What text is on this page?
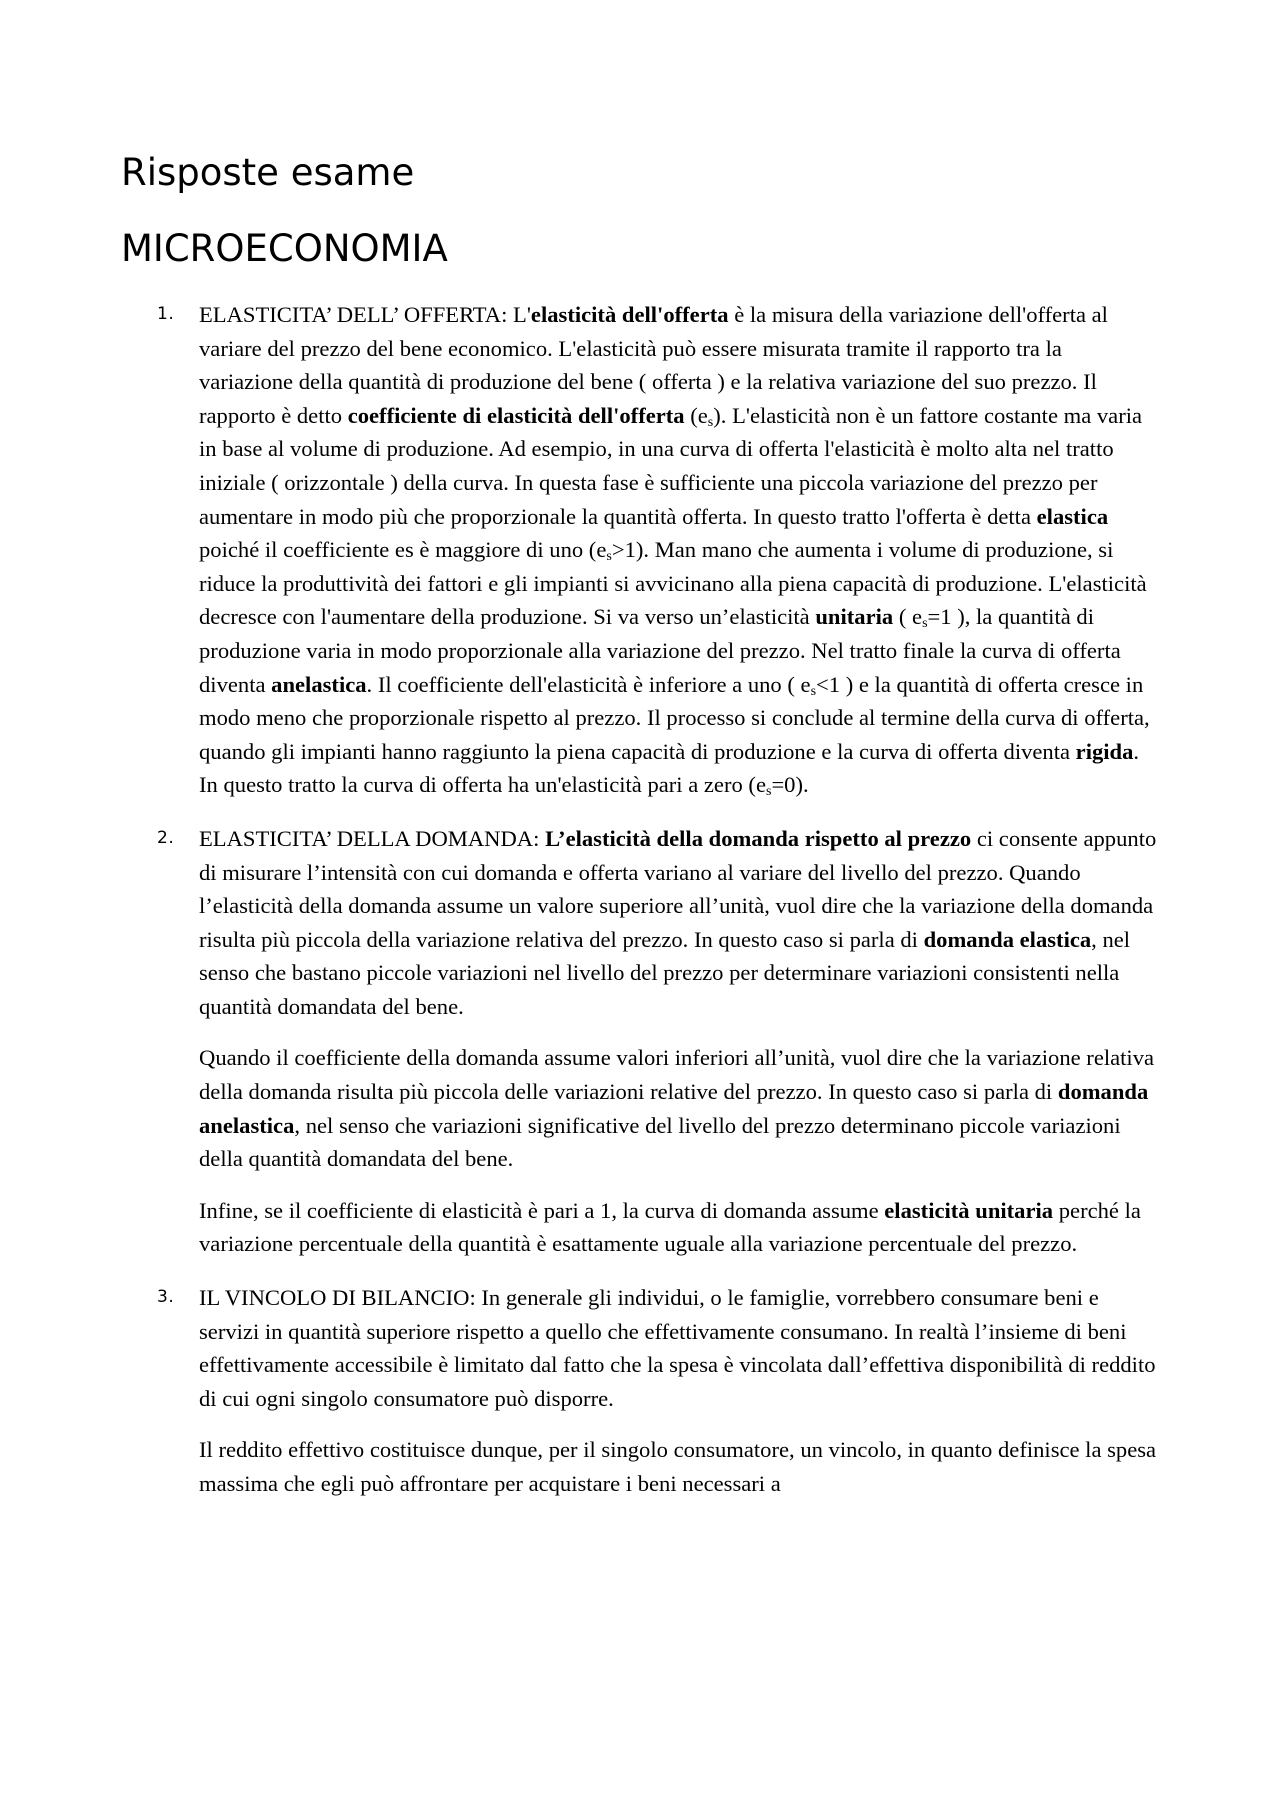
Risposte esame
MICROECONOMIA
1. ELASTICITA’ DELL’ OFFERTA: L'elasticità dell'offerta è la misura della variazione dell'offerta al variare del prezzo del bene economico. L'elasticità può essere misurata tramite il rapporto tra la variazione della quantità di produzione del bene ( offerta ) e la relativa variazione del suo prezzo. Il rapporto è detto coefficiente di elasticità dell'offerta $(e_s)$. L'elasticità non è un fattore costante ma varia in base al volume di produzione. Ad esempio, in una curva di offerta l'elasticità è molto alta nel tratto iniziale ( orizzontale ) della curva. In questa fase è sufficiente una piccola variazione del prezzo per aumentare in modo più che proporzionale la quantità offerta. In questo tratto l'offerta è detta elastica poiché il coefficiente es è maggiore di uno $(e_s>1)$. Man mano che aumenta i volume di produzione, si riduce la produttività dei fattori e gli impianti si avvicinano alla piena capacità di produzione. L'elasticità decresce con l'aumentare della produzione. Si va verso un’elasticità unitaria ( $e_s=1$ ), la quantità di produzione varia in modo proporzionale alla variazione del prezzo. Nel tratto finale la curva di offerta diventa anelastica. Il coefficiente dell'elasticità è inferiore a uno ( $e_s<1$ ) e la quantità di offerta cresce in modo meno che proporzionale rispetto al prezzo. Il processo si conclude al termine della curva di offerta, quando gli impianti hanno raggiunto la piena capacità di produzione e la curva di offerta diventa rigida. In questo tratto la curva di offerta ha un'elasticità pari a zero $(e_s=0)$.

2. ELASTICITA’ DELLA DOMANDA: L’elasticità della domanda rispetto al prezzo ci consente appunto di misurare l’intensità con cui domanda e offerta variano al variare del livello del prezzo. Quando l’elasticità della domanda assume un valore superiore all’unità, vuol dire che la variazione della domanda risulta più piccola della variazione relativa del prezzo. In questo caso si parla di domanda elastica, nel senso che bastano piccole variazioni nel livello del prezzo per determinare variazioni consistenti nella quantità domandata del bene.

Quando il coefficiente della domanda assume valori inferiori all’unità, vuol dire che la variazione relativa della domanda risulta più piccola delle variazioni relative del prezzo. In questo caso si parla di domanda anelastica, nel senso che variazioni significative del livello del prezzo determinano piccole variazioni della quantità domandata del bene.

Infine, se il coefficiente di elasticità è pari a 1, la curva di domanda assume elasticità unitaria perché la variazione percentuale della quantità è esattamente uguale alla variazione percentuale del prezzo.

3. IL VINCOLO DI BILANCIO: In generale gli individui, o le famiglie, vorrebbero consumare beni e servizi in quantità superiore rispetto a quello che effettivamente consumano. In realtà l’insieme di beni effettivamente accessibile è limitato dal fatto che la spesa è vincolata dall’effettiva disponibilità di reddito di cui ogni singolo consumatore può disporre.

Il reddito effettivo costituisce dunque, per il singolo consumatore, un vincolo, in quanto definisce la spesa massima che egli può affrontare per acquistare i beni necessari a
